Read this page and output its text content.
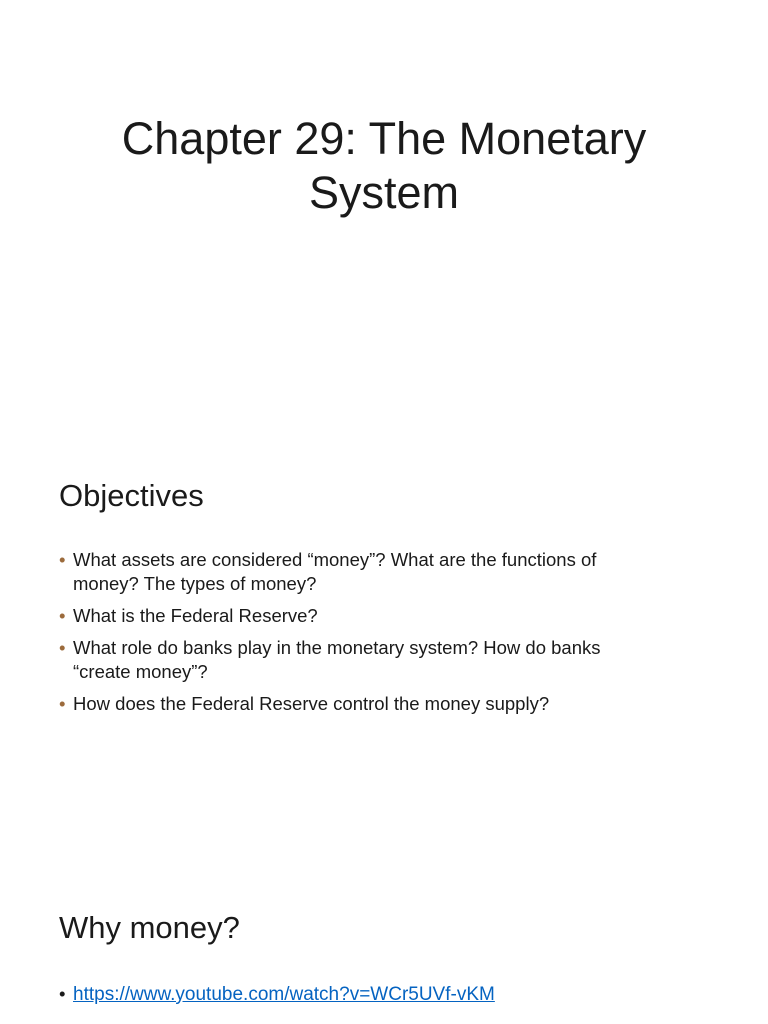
Chapter 29: The Monetary
System
Objectives
• What assets are considered “money”? What are the functions of
money? The types of money?
• What is the Federal Reserve?
• What role do banks play in the monetary system? How do banks
“create money”?
• How does the Federal Reserve control the money supply?
Why money?
• https://www.youtube.com/watch?v=WCr5UVf-vKM
